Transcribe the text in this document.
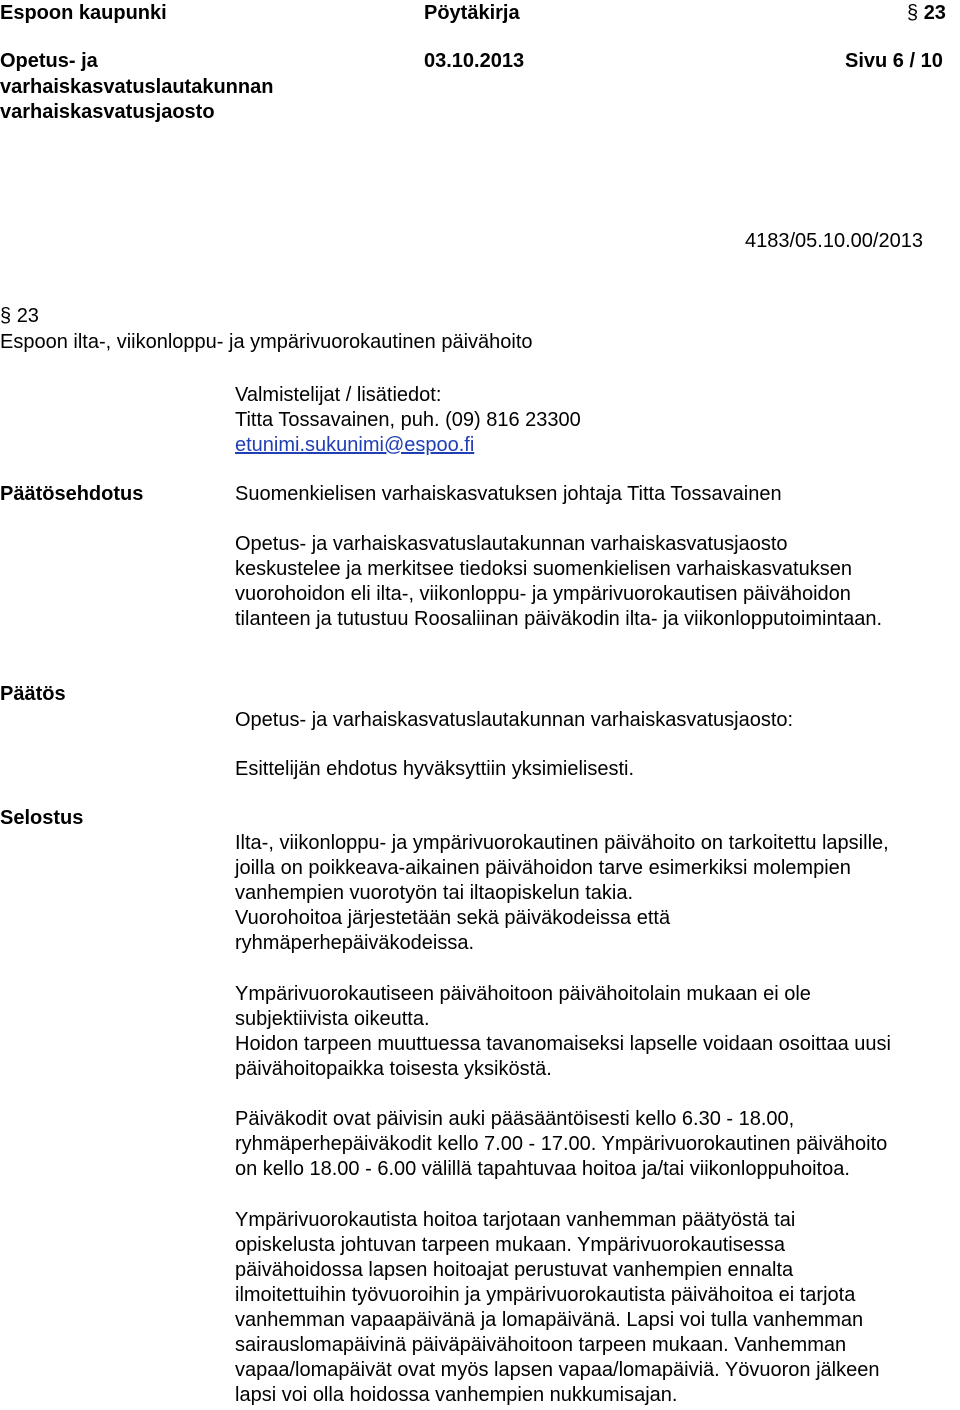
Espoon kaupunki	Pöytäkirja	§ 23
Opetus- ja
varhaiskasvatuslautakunnan
varhaiskasvatusjaosto
03.10.2013	Sivu 6 / 10
4183/05.10.00/2013
§ 23
Espoon ilta-, viikonloppu- ja ympärivuorokautinen päivähoito
Valmistelijat / lisätiedot:
Titta Tossavainen, puh. (09) 816 23300
etunimi.sukunimi@espoo.fi
Päätösehdotus	Suomenkielisen varhaiskasvatuksen johtaja Titta Tossavainen
Opetus- ja varhaiskasvatuslautakunnan varhaiskasvatusjaosto
keskustelee ja merkitsee tiedoksi suomenkielisen varhaiskasvatuksen
vuorohoidon eli ilta-, viikonloppu- ja ympärivuorokautisen päivähoidon
tilanteen ja tutustuu Roosaliinan päiväkodin ilta- ja viikonlopputoimintaan.
Päätös
Opetus- ja varhaiskasvatuslautakunnan varhaiskasvatusjaosto:
Esittelijän ehdotus hyväksyttiin yksimielisesti.
Selostus
Ilta-, viikonloppu- ja ympärivuorokautinen päivähoito on tarkoitettu lapsille,
joilla on poikkeava-aikainen päivähoidon tarve esimerkiksi molempien
vanhempien vuorotyön tai iltaopiskelun takia.
Vuorohoitoa järjestetään sekä päiväkodeissa että
ryhmäperhepäiväkodeissa.
Ympärivuorokautiseen päivähoitoon päivähoitolain mukaan ei ole
subjektiivista oikeutta.
Hoidon tarpeen muuttuessa tavanomaiseksi lapselle voidaan osoittaa uusi
päivähoitopaikka toisesta yksiköstä.
Päiväkodit ovat päivisin auki pääsääntöisesti kello 6.30 - 18.00,
ryhmäperhepäiväkodit kello 7.00 - 17.00. Ympärivuorokautinen päivähoito
on kello 18.00 - 6.00 välillä tapahtuvaa hoitoa ja/tai viikonloppuhoitoa.
Ympärivuorokautista hoitoa tarjotaan vanhemman päätyöstä tai
opiskelusta johtuvan tarpeen mukaan. Ympärivuorokautisessa
päivähoidossa lapsen hoitoajat perustuvat vanhempien ennalta
ilmoitettuihin työvuoroihin ja ympärivuorokautista päivähoitoa ei tarjota
vanhemman vapaapäivänä ja lomapäivänä. Lapsi voi tulla vanhemman
sairauslomapäivinä päiväpäivähoitoon tarpeen mukaan. Vanhemman
vapaa/lomapäivät ovat myös lapsen vapaa/lomapäiviä. Yövuoron jälkeen
lapsi voi olla hoidossa vanhempien nukkumisajan.
